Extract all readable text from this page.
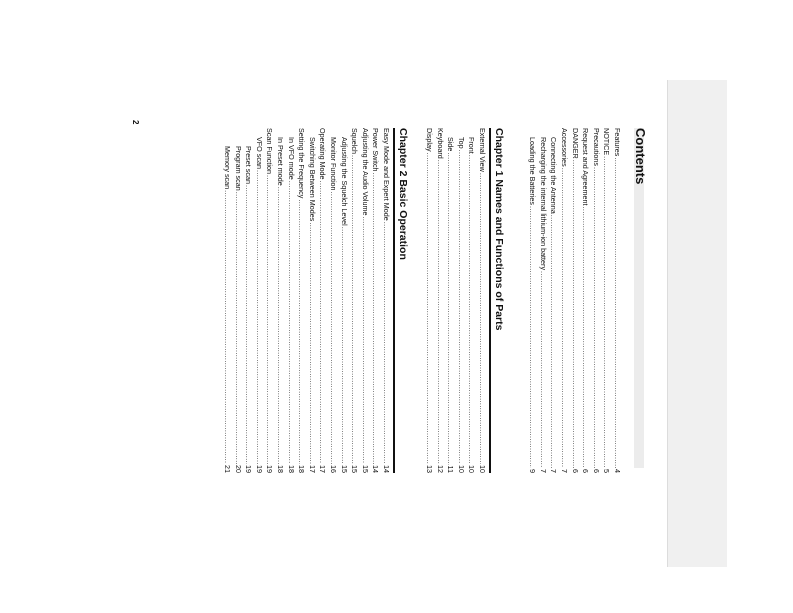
2
Contents
Features
.....
4
NOTICE
.....
5
Precautions
.....
6
Request and Agreement
.....
6
DANGER
.....
6
Accessories
.....
7
Connecting the Antenna
.....
7
Recharging the internal lithium-ion battery
.....
7
Loading the Batteries
.....
9
Chapter 1 Names and Functions of Parts
External View
.....
10
Front
.....
10
Top
.....
10
Side
.....
11
Keyboard
.....
12
Display
.....
13
Chapter 2 Basic Operation
Easy Mode and Expert Mode
.....
14
Power Switch
.....
14
Adjusting the Audio Volume
.....
15
Squelch
.....
15
Adjusting the Squelch Level
.....
15
Monitor Function
.....
16
Operating Mode
.....
17
Switching Between Modes
.....
17
Setting the Frequency
.....
18
In VFO mode
.....
18
In Preset mode
.....
18
Scan Function
.....
19
VFO scan
.....
19
Preset scan
.....
19
Program scan
.....
20
Memory scan
.....
21
